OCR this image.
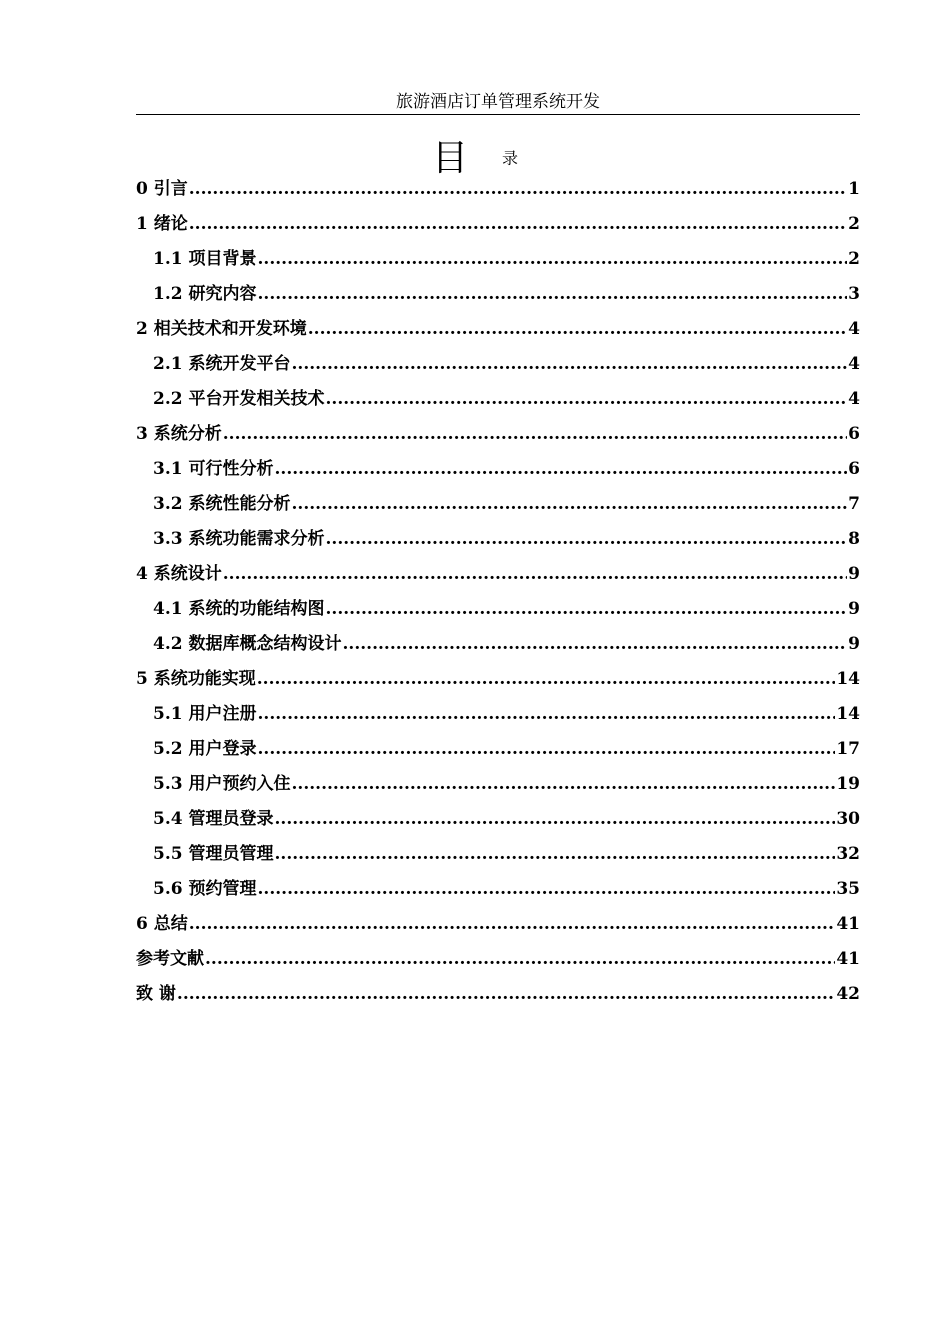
旅游酒店订单管理系统开发
目 录
0 引言 .....	1
1 绪论 .....	2
1.1 项目背景 .....	2
1.2 研究内容 .....	3
2 相关技术和开发环境 .....	4
2.1 系统开发平台 .....	4
2.2 平台开发相关技术 .....	4
3 系统分析 .....	6
3.1 可行性分析 .....	6
3.2 系统性能分析 .....	7
3.3 系统功能需求分析 .....	8
4 系统设计 .....	9
4.1 系统的功能结构图 .....	9
4.2 数据库概念结构设计 .....	9
5 系统功能实现 .....	14
5.1 用户注册 .....	14
5.2 用户登录 .....	17
5.3 用户预约入住 .....	19
5.4 管理员登录 .....	30
5.5 管理员管理 .....	32
5.6 预约管理 .....	35
6 总结 .....	41
参考文献 .....	41
致 谢 .....	42
